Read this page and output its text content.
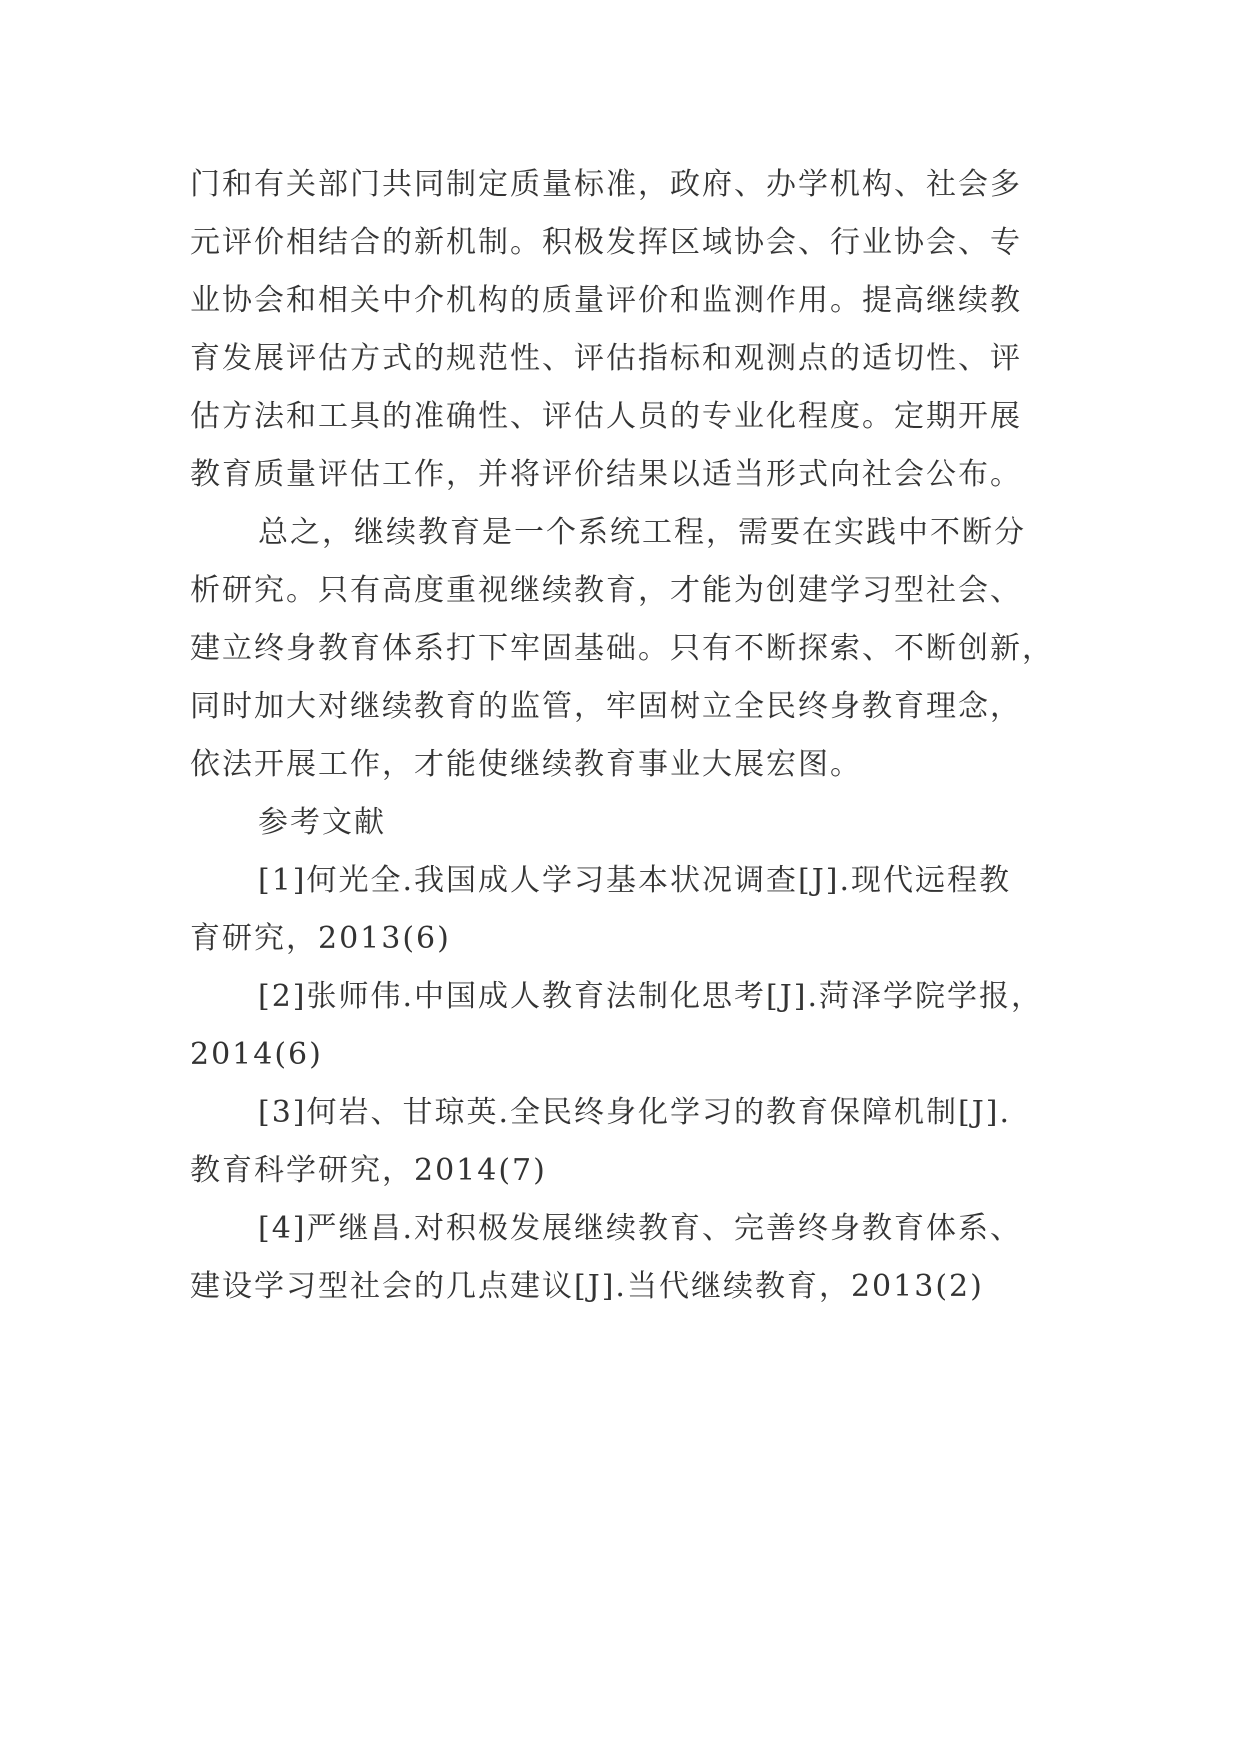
门和有关部门共同制定质量标准，政府、办学机构、社会多
元评价相结合的新机制。积极发挥区域协会、行业协会、专
业协会和相关中介机构的质量评价和监测作用。提高继续教
育发展评估方式的规范性、评估指标和观测点的适切性、评
估方法和工具的准确性、评估人员的专业化程度。定期开展
教育质量评估工作，并将评价结果以适当形式向社会公布。
总之，继续教育是一个系统工程，需要在实践中不断分
析研究。只有高度重视继续教育，才能为创建学习型社会、
建立终身教育体系打下牢固基础。只有不断探索、不断创新，
同时加大对继续教育的监管，牢固树立全民终身教育理念，
依法开展工作，才能使继续教育事业大展宏图。
参考文献
[1]何光全.我国成人学习基本状况调查[J].现代远程教
育研究，2013(6)
[2]张师伟.中国成人教育法制化思考[J].菏泽学院学报，
2014(6)
[3]何岩、甘琼英.全民终身化学习的教育保障机制[J].
教育科学研究，2014(7)
[4]严继昌.对积极发展继续教育、完善终身教育体系、
建设学习型社会的几点建议[J].当代继续教育，2013(2)
